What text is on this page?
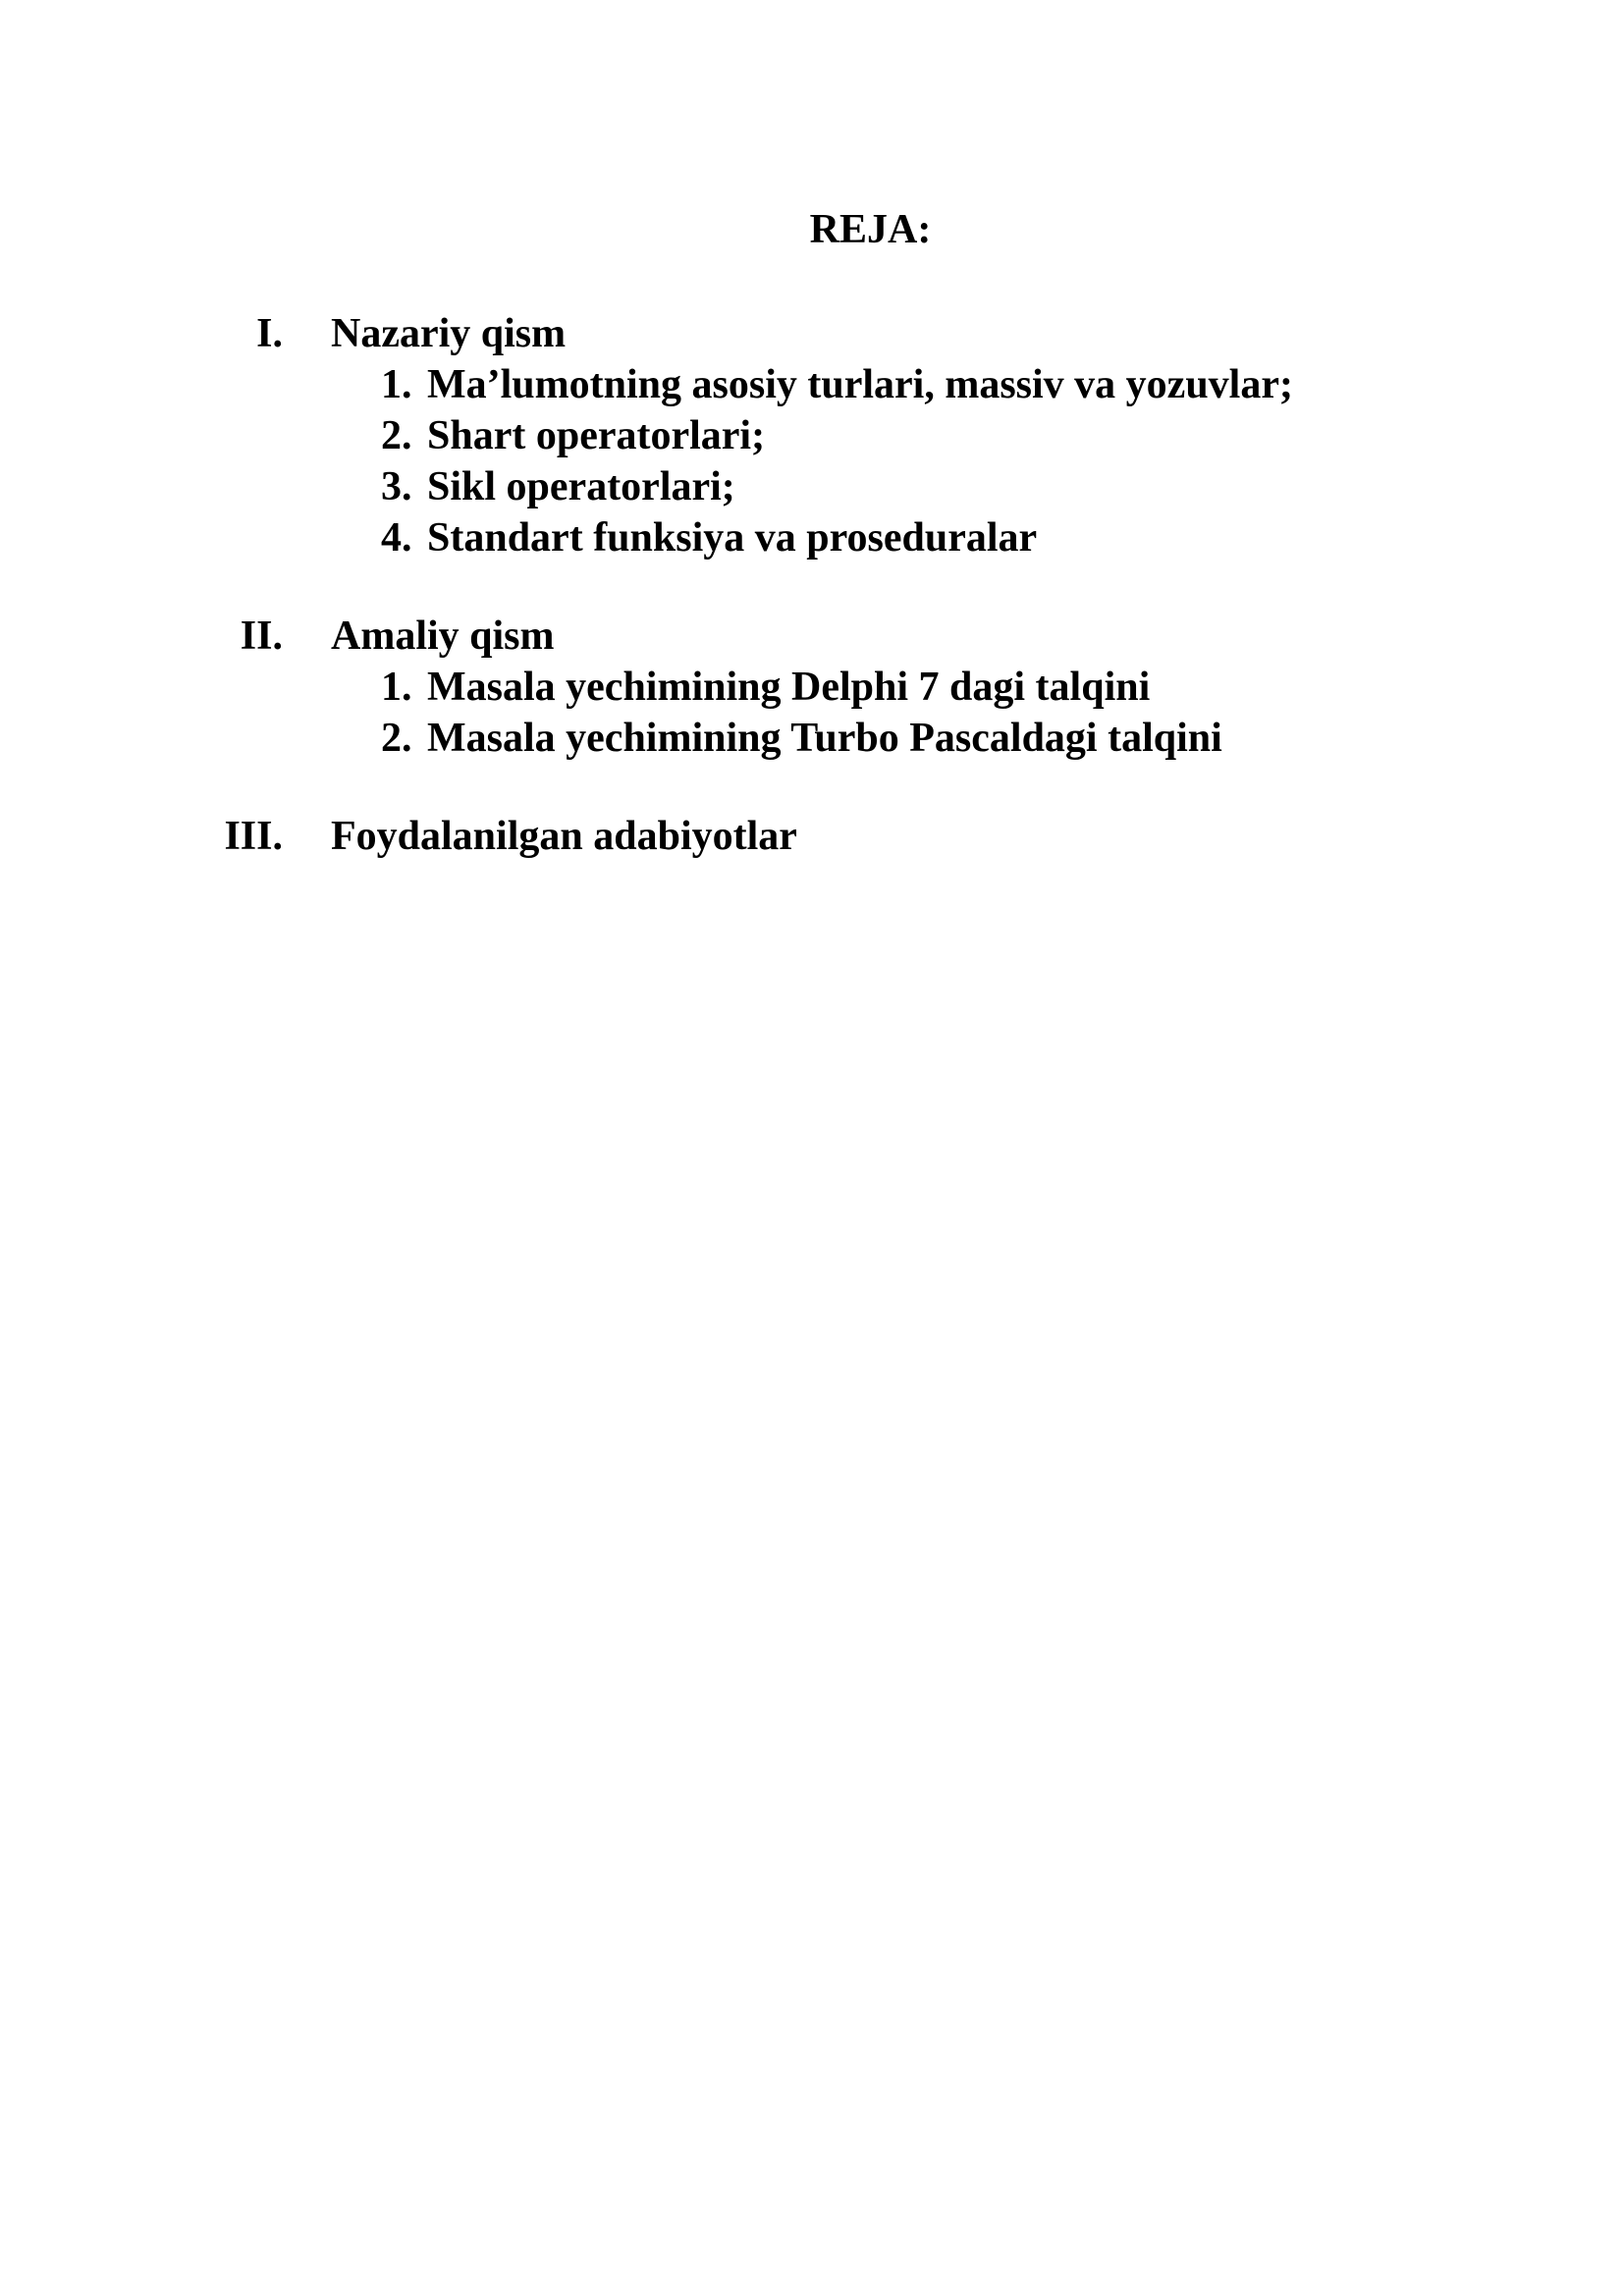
REJA:
I. Nazariy qism
1. Ma’lumotning asosiy turlari, massiv va yozuvlar;
2. Shart operatorlari;
3. Sikl operatorlari;
4. Standart funksiya va proseduralar
II. Amaliy qism
1. Masala yechimining Delphi 7 dagi talqini
2. Masala yechimining Turbo Pascaldagi talqini
III. Foydalanilgan adabiyotlar
